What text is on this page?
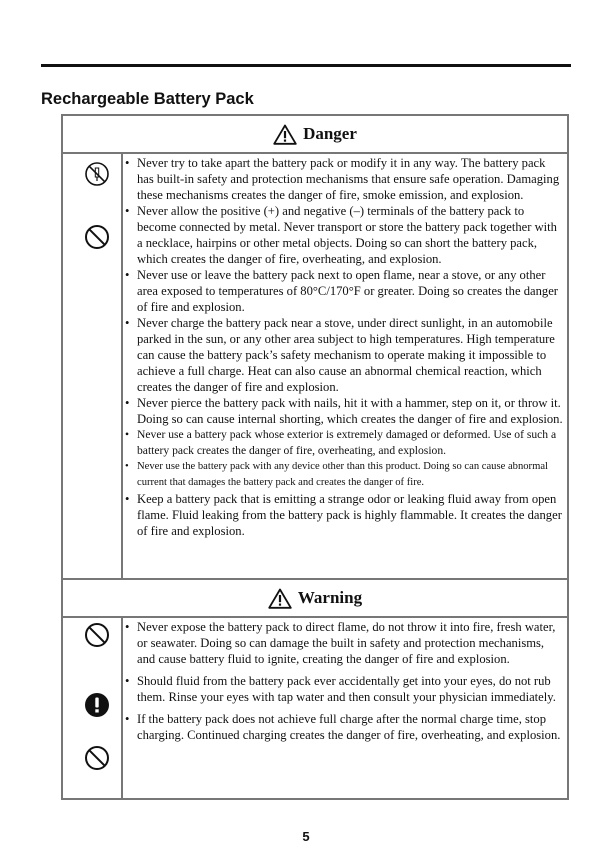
Rechargeable Battery Pack
Danger
• Never try to take apart the battery pack or modify it in any way. The battery pack has built-in safety and protection mechanisms that ensure safe operation. Damaging these mechanisms creates the danger of fire, smoke emission, and explosion.
• Never allow the positive (+) and negative (–) terminals of the battery pack to become connected by metal. Never transport or store the battery pack together with a necklace, hairpins or other metal objects. Doing so can short the battery pack, which creates the danger of fire, overheating, and explosion.
• Never use or leave the battery pack next to open flame, near a stove, or any other area exposed to temperatures of 80°C/170°F or greater. Doing so creates the danger of fire and explosion.
• Never charge the battery pack near a stove, under direct sunlight, in an automobile parked in the sun, or any other area subject to high temperatures. High temperature can cause the battery pack’s safety mechanism to operate making it impossible to achieve a full charge. Heat can also cause an abnormal chemical reaction, which creates the danger of fire and explosion.
• Never pierce the battery pack with nails, hit it with a hammer, step on it, or throw it. Doing so can cause internal shorting, which creates the danger of fire and explosion.
• Never use a battery pack whose exterior is extremely damaged or deformed. Use of such a battery pack creates the danger of fire, overheating, and explosion.
• Never use the battery pack with any device other than this product. Doing so can cause abnormal current that damages the battery pack and creates the danger of fire.
• Keep a battery pack that is emitting a strange odor or leaking fluid away from open flame. Fluid leaking from the battery pack is highly flammable. It creates the danger of fire and explosion.
Warning
• Never expose the battery pack to direct flame, do not throw it into fire, fresh water, or seawater. Doing so can damage the built in safety and protection mechanisms, and cause battery fluid to ignite, creating the danger of fire and explosion.
• Should fluid from the battery pack ever accidentally get into your eyes, do not rub them. Rinse your eyes with tap water and then consult your physician immediately.
• If the battery pack does not achieve full charge after the normal charge time, stop charging. Continued charging creates the danger of fire, overheating, and explosion.
5
